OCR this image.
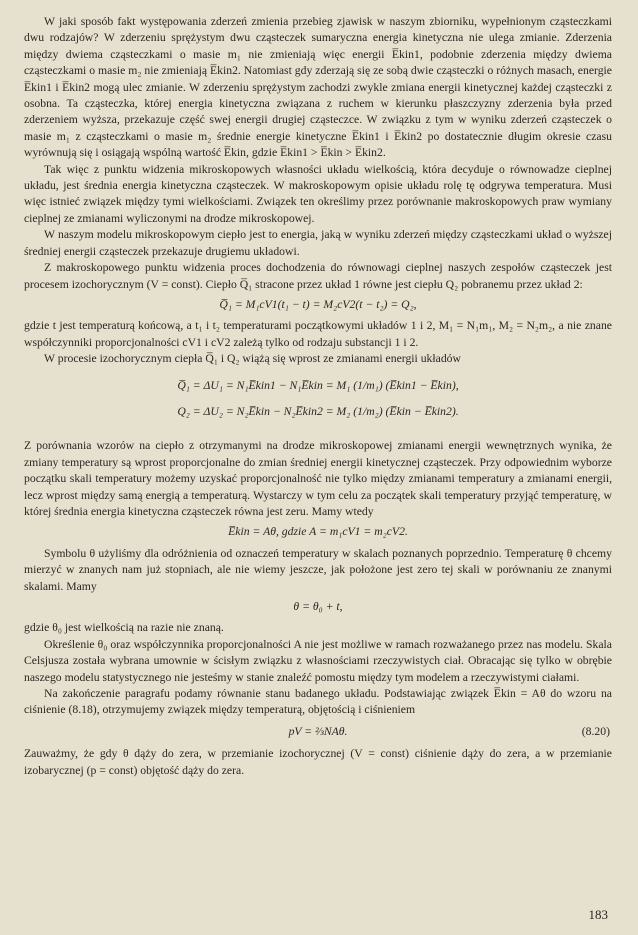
W jaki sposób fakt występowania zderzeń zmienia przebieg zjawisk w naszym zbiorniku, wypełnionym cząsteczkami dwu rodzajów? W zderzeniu sprężystym dwu cząsteczek sumaryczna energia kinetyczna nie ulega zmianie. Zderzenia między dwiema cząsteczkami o masie m₁ nie zmieniają więc energii E̅kin1, podobnie zderzenia między dwiema cząsteczkami o masie m₂ nie zmieniają E̅kin2. Natomiast gdy zderzają się ze sobą dwie cząsteczki o różnych masach, energie E̅kin1 i E̅kin2 mogą ulec zmianie. W zderzeniu sprężystym zachodzi zwykle zmiana energii kinetycznej każdej cząsteczki z osobna. Ta cząsteczka, której energia kinetyczna związana z ruchem w kierunku płaszczyzny zderzenia była przed zderzeniem wyższa, przekazuje część swej energii drugiej cząsteczce. W związku z tym w wyniku zderzeń cząsteczek o masie m₁ z cząsteczkami o masie m₂ średnie energie kinetyczne E̅kin1 i E̅kin2 po dostatecznie długim okresie czasu wyrównują się i osiągają wspólną wartość E̅kin, gdzie E̅kin1 > E̅kin > E̅kin2.

Tak więc z punktu widzenia mikroskopowych własności układu wielkością, która decyduje o równowadze cieplnej układu, jest średnia energia kinetyczna cząsteczek. W makroskopowym opisie układu rolę tę odgrywa temperatura. Musi więc istnieć związek między tymi wielkościami. Związek ten określimy przez porównanie makroskopowych praw wymiany cieplnej ze zmianami wyliczonymi na drodze mikroskopowej.

W naszym modelu mikroskopowym ciepło jest to energia, jaką w wyniku zderzeń między cząsteczkami układ o wyższej średniej energii cząsteczek przekazuje drugiemu układowi.

Z makroskopowego punktu widzenia proces dochodzenia do równowagi cieplnej naszych zespołów cząsteczek jest procesem izochorycznym (V = const). Ciepło Q̅₁ stracone przez układ 1 równe jest ciepłu Q₂ pobranemu przez układ 2:

Q̅₁ = M₁cV1(t₁ − t) = M₂cV2(t − t₂) = Q₂,

gdzie t jest temperaturą końcową, a t₁ i t₂ temperaturami początkowymi układów 1 i 2, M₁ = N₁m₁, M₂ = N₂m₂, a nie znane współczynniki proporcjonalności cV1 i cV2 zależą tylko od rodzaju substancji 1 i 2.

W procesie izochorycznym ciepła Q̅₁ i Q₂ wiążą się wprost ze zmianami energii układów

Q̅₁ = ΔU₁ = N₁E̅kin1 − N₁E̅kin = M₁ (1/m₁) (E̅kin1 − E̅kin),
Q₂ = ΔU₂ = N₂E̅kin − N₂E̅kin2 = M₂ (1/m₂) (E̅kin − E̅kin2).

Z porównania wzorów na ciepło z otrzymanymi na drodze mikroskopowej zmianami energii wewnętrznych wynika, że zmiany temperatury są wprost proporcjonalne do zmian średniej energii kinetycznej cząsteczek. Przy odpowiednim wyborze początku skali temperatury możemy uzyskać proporcjonalność nie tylko między zmianami temperatury a zmianami energii, lecz wprost między samą energią a temperaturą. Wystarczy w tym celu za początek skali temperatury przyjąć temperaturę, w której średnia energia kinetyczna cząsteczek równa jest zeru. Mamy wtedy

E̅kin = Aθ, gdzie A = m₁cV1 = m₂cV2.

Symbolu θ użyliśmy dla odróżnienia od oznaczeń temperatury w skalach poznanych poprzednio. Temperaturę θ chcemy mierzyć w znanych nam już stopniach, ale nie wiemy jeszcze, jak położone jest zero tej skali w porównaniu ze znanymi skalami. Mamy

θ = θ₀ + t,

gdzie θ₀ jest wielkością na razie nie znaną.

Określenie θ₀ oraz współczynnika proporcjonalności A nie jest możliwe w ramach rozważanego przez nas modelu. Skala Celsjusza została wybrana umownie w ścisłym związku z własnościami rzeczywistych ciał. Obracając się tylko w obrębie naszego modelu statystycznego nie jesteśmy w stanie znaleźć pomostu między tym modelem a rzeczywistymi ciałami.

Na zakończenie paragrafu podamy równanie stanu badanego układu. Podstawiając związek E̅kin = Aθ do wzoru na ciśnienie (8.18), otrzymujemy związek między temperaturą, objętością i ciśnieniem

pV = ⅔NAθ.	(8.20)

Zauważmy, że gdy θ dąży do zera, w przemianie izochorycznej (V = const) ciśnienie dąży do zera, a w przemianie izobarycznej (p = const) objętość dąży do zera.

183
